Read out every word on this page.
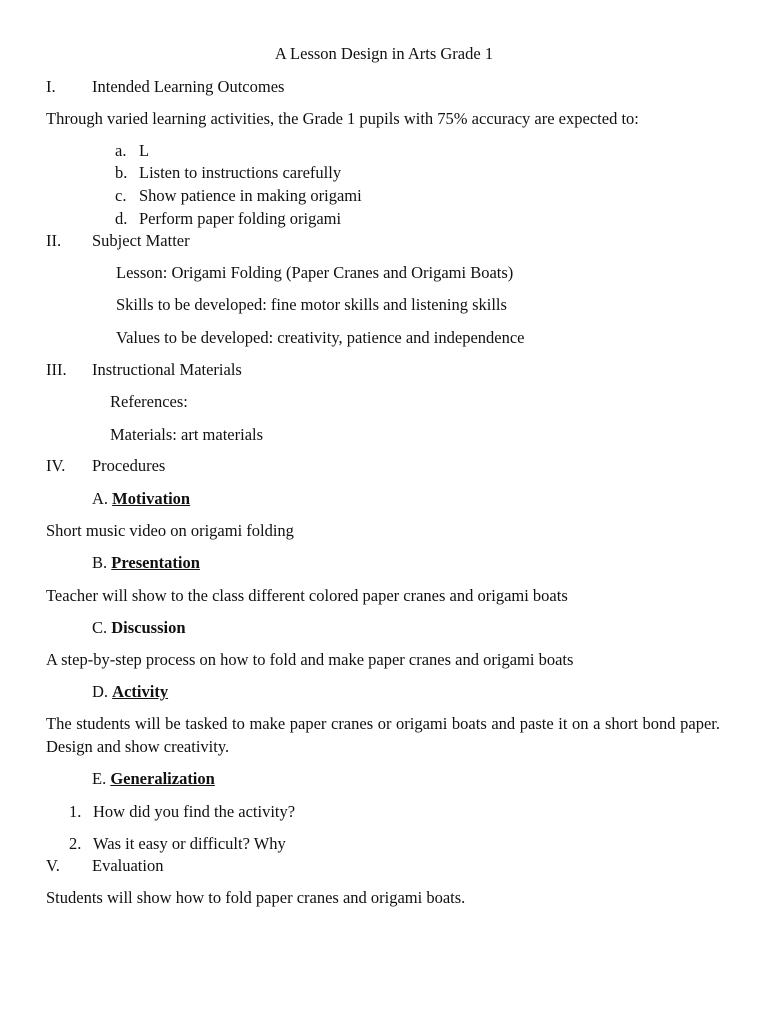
A Lesson Design in Arts Grade 1
I. Intended Learning Outcomes
Through varied learning activities, the Grade 1 pupils with 75% accuracy are expected to:
a. L
b. Listen to instructions carefully
c. Show patience in making origami
d. Perform paper folding origami
II. Subject Matter
Lesson: Origami Folding (Paper Cranes and Origami Boats)
Skills to be developed: fine motor skills and listening skills
Values to be developed: creativity, patience and independence
III. Instructional Materials
References:
Materials: art materials
IV. Procedures
A. Motivation
Short music video on origami folding
B. Presentation
Teacher will show to the class different colored paper cranes and origami boats
C. Discussion
A step-by-step process on how to fold and make paper cranes and origami boats
D. Activity
The students will be tasked to make paper cranes or origami boats and paste it on a short bond paper. Design and show creativity.
E. Generalization
1. How did you find the activity?
2. Was it easy or difficult? Why
V. Evaluation
Students will show how to fold paper cranes and origami boats.
